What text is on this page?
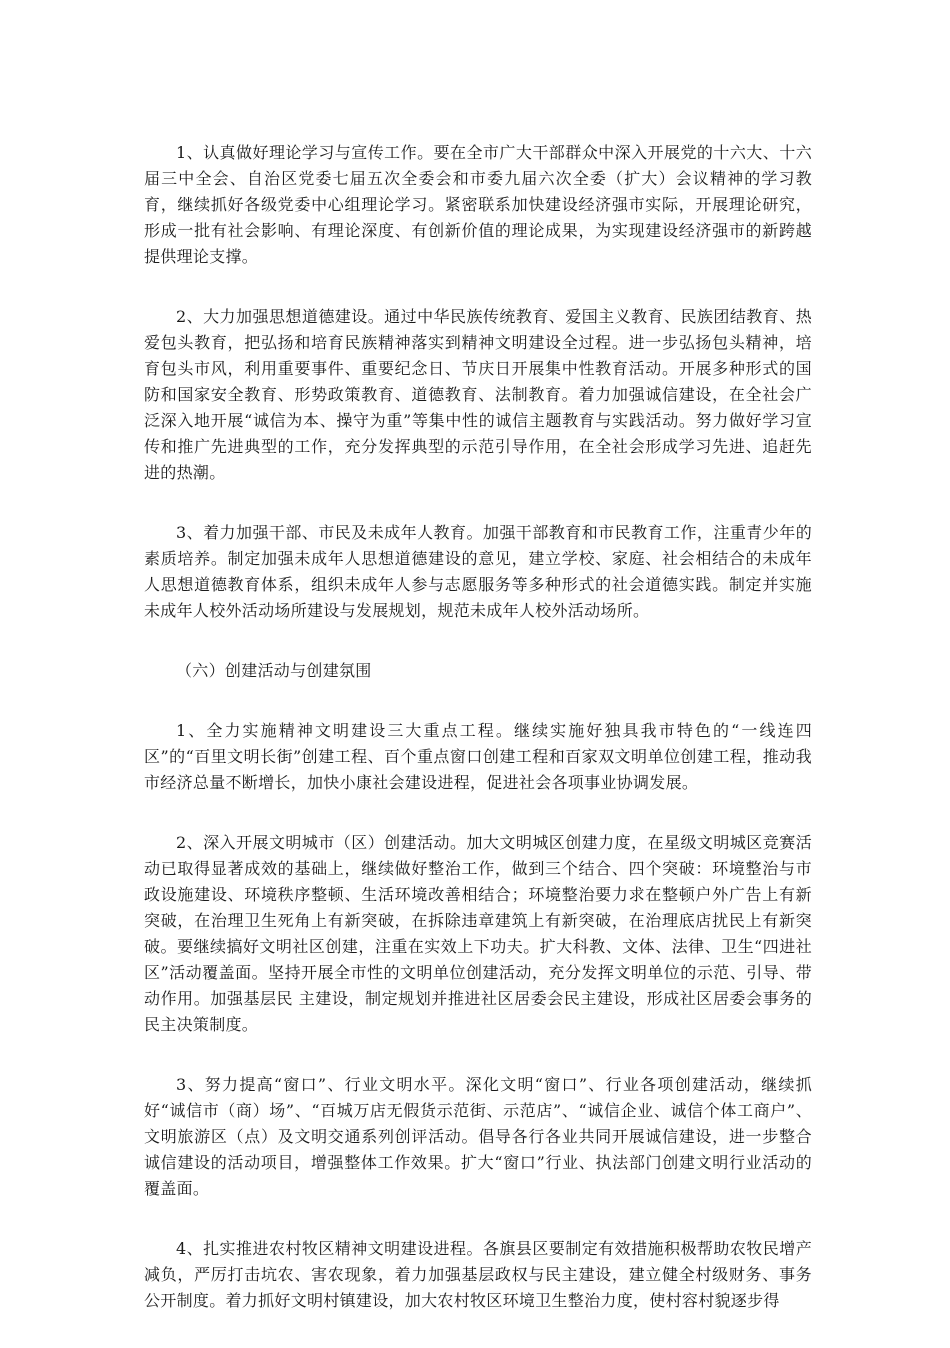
1、认真做好理论学习与宣传工作。要在全市广大干部群众中深入开展党的十六大、十六届三中全会、自治区党委七届五次全委会和市委九届六次全委（扩大）会议精神的学习教育，继续抓好各级党委中心组理论学习。紧密联系加快建设经济强市实际，开展理论研究，形成一批有社会影响、有理论深度、有创新价值的理论成果，为实现建设经济强市的新跨越提供理论支撑。

2、大力加强思想道德建设。通过中华民族传统教育、爱国主义教育、民族团结教育、热爱包头教育，把弘扬和培育民族精神落实到精神文明建设全过程。进一步弘扬包头精神，培育包头市风，利用重要事件、重要纪念日、节庆日开展集中性教育活动。开展多种形式的国防和国家安全教育、形势政策教育、道德教育、法制教育。着力加强诚信建设，在全社会广泛深入地开展“诚信为本、操守为重”等集中性的诚信主题教育与实践活动。努力做好学习宣传和推广先进典型的工作，充分发挥典型的示范引导作用，在全社会形成学习先进、追赶先进的热潮。

3、着力加强干部、市民及未成年人教育。加强干部教育和市民教育工作，注重青少年的素质培养。制定加强未成年人思想道德建设的意见，建立学校、家庭、社会相结合的未成年人思想道德教育体系，组织未成年人参与志愿服务等多种形式的社会道德实践。制定并实施未成年人校外活动场所建设与发展规划，规范未成年人校外活动场所。

（六）创建活动与创建氛围

1、全力实施精神文明建设三大重点工程。继续实施好独具我市特色的“一线连四区”的“百里文明长街”创建工程、百个重点窗口创建工程和百家双文明单位创建工程，推动我市经济总量不断增长，加快小康社会建设进程，促进社会各项事业协调发展。

2、深入开展文明城市（区）创建活动。加大文明城区创建力度，在星级文明城区竞赛活动已取得显著成效的基础上，继续做好整治工作，做到三个结合、四个突破：环境整治与市政设施建设、环境秩序整顿、生活环境改善相结合；环境整治要力求在整顿户外广告上有新突破，在治理卫生死角上有新突破，在拆除违章建筑上有新突破，在治理底店扰民上有新突破。要继续搞好文明社区创建，注重在实效上下功夫。扩大科教、文体、法律、卫生“四进社区”活动覆盖面。坚持开展全市性的文明单位创建活动，充分发挥文明单位的示范、引导、带动作用。加强基层民 主建设，制定规划并推进社区居委会民主建设，形成社区居委会事务的民主决策制度。

3、努力提高“窗口”、行业文明水平。深化文明“窗口”、行业各项创建活动，继续抓好“诚信市（商）场”、“百城万店无假货示范街、示范店”、“诚信企业、诚信个体工商户”、文明旅游区（点）及文明交通系列创评活动。倡导各行各业共同开展诚信建设，进一步整合诚信建设的活动项目，增强整体工作效果。扩大“窗口”行业、执法部门创建文明行业活动的覆盖面。

4、扎实推进农村牧区精神文明建设进程。各旗县区要制定有效措施积极帮助农牧民增产减负，严厉打击坑农、害农现象，着力加强基层政权与民主建设，建立健全村级财务、事务公开制度。着力抓好文明村镇建设，加大农村牧区环境卫生整治力度，使村容村貌逐步得
